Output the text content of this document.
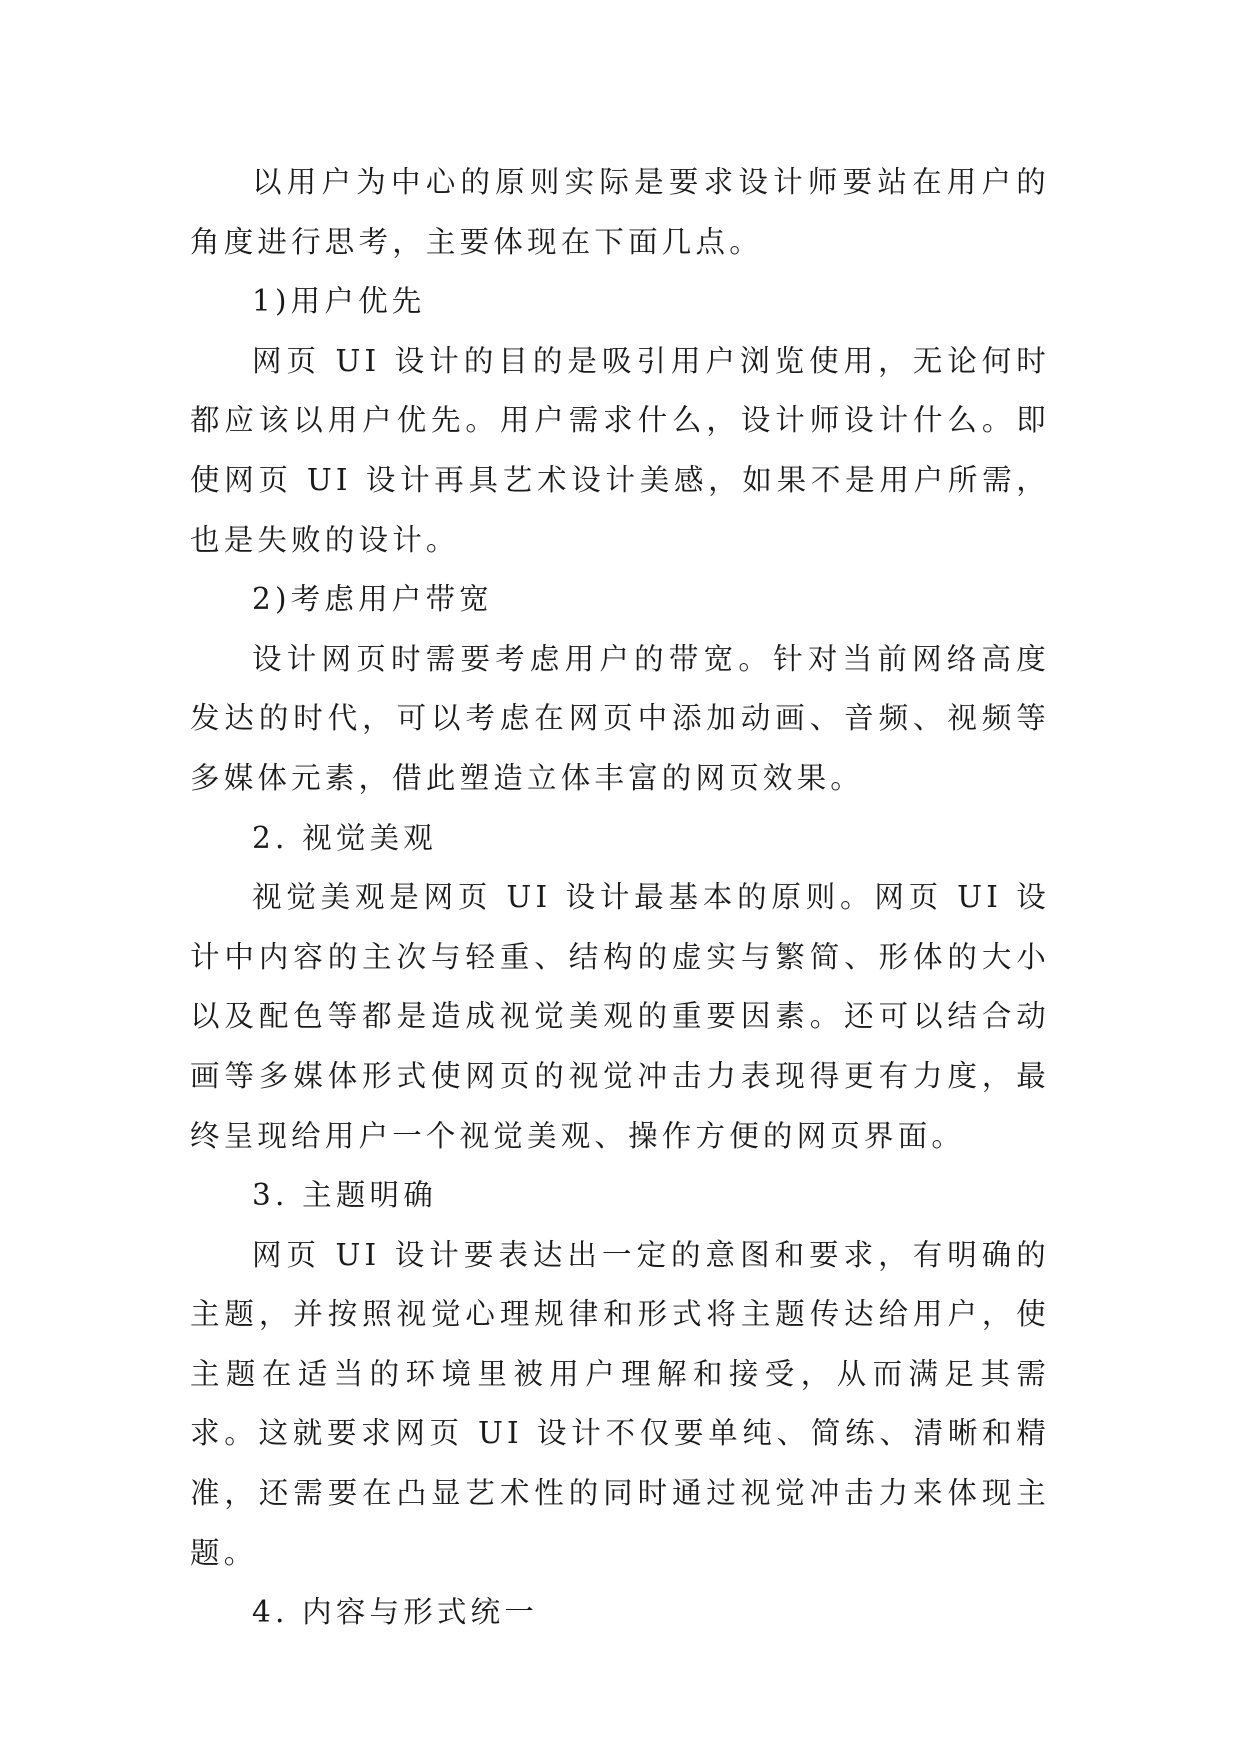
以用户为中心的原则实际是要求设计师要站在用户的角度进行思考，主要体现在下面几点。

1)用户优先

网页 UI 设计的目的是吸引用户浏览使用，无论何时都应该以用户优先。用户需求什么，设计师设计什么。即使网页 UI 设计再具艺术设计美感，如果不是用户所需，也是失败的设计。

2)考虑用户带宽

设计网页时需要考虑用户的带宽。针对当前网络高度发达的时代，可以考虑在网页中添加动画、音频、视频等多媒体元素，借此塑造立体丰富的网页效果。

2. 视觉美观

视觉美观是网页 UI 设计最基本的原则。网页 UI 设计中内容的主次与轻重、结构的虚实与繁简、形体的大小以及配色等都是造成视觉美观的重要因素。还可以结合动画等多媒体形式使网页的视觉冲击力表现得更有力度，最终呈现给用户一个视觉美观、操作方便的网页界面。

3. 主题明确

网页 UI 设计要表达出一定的意图和要求，有明确的主题，并按照视觉心理规律和形式将主题传达给用户，使主题在适当的环境里被用户理解和接受，从而满足其需求。这就要求网页 UI 设计不仅要单纯、简练、清晰和精准，还需要在凸显艺术性的同时通过视觉冲击力来体现主题。

4. 内容与形式统一
